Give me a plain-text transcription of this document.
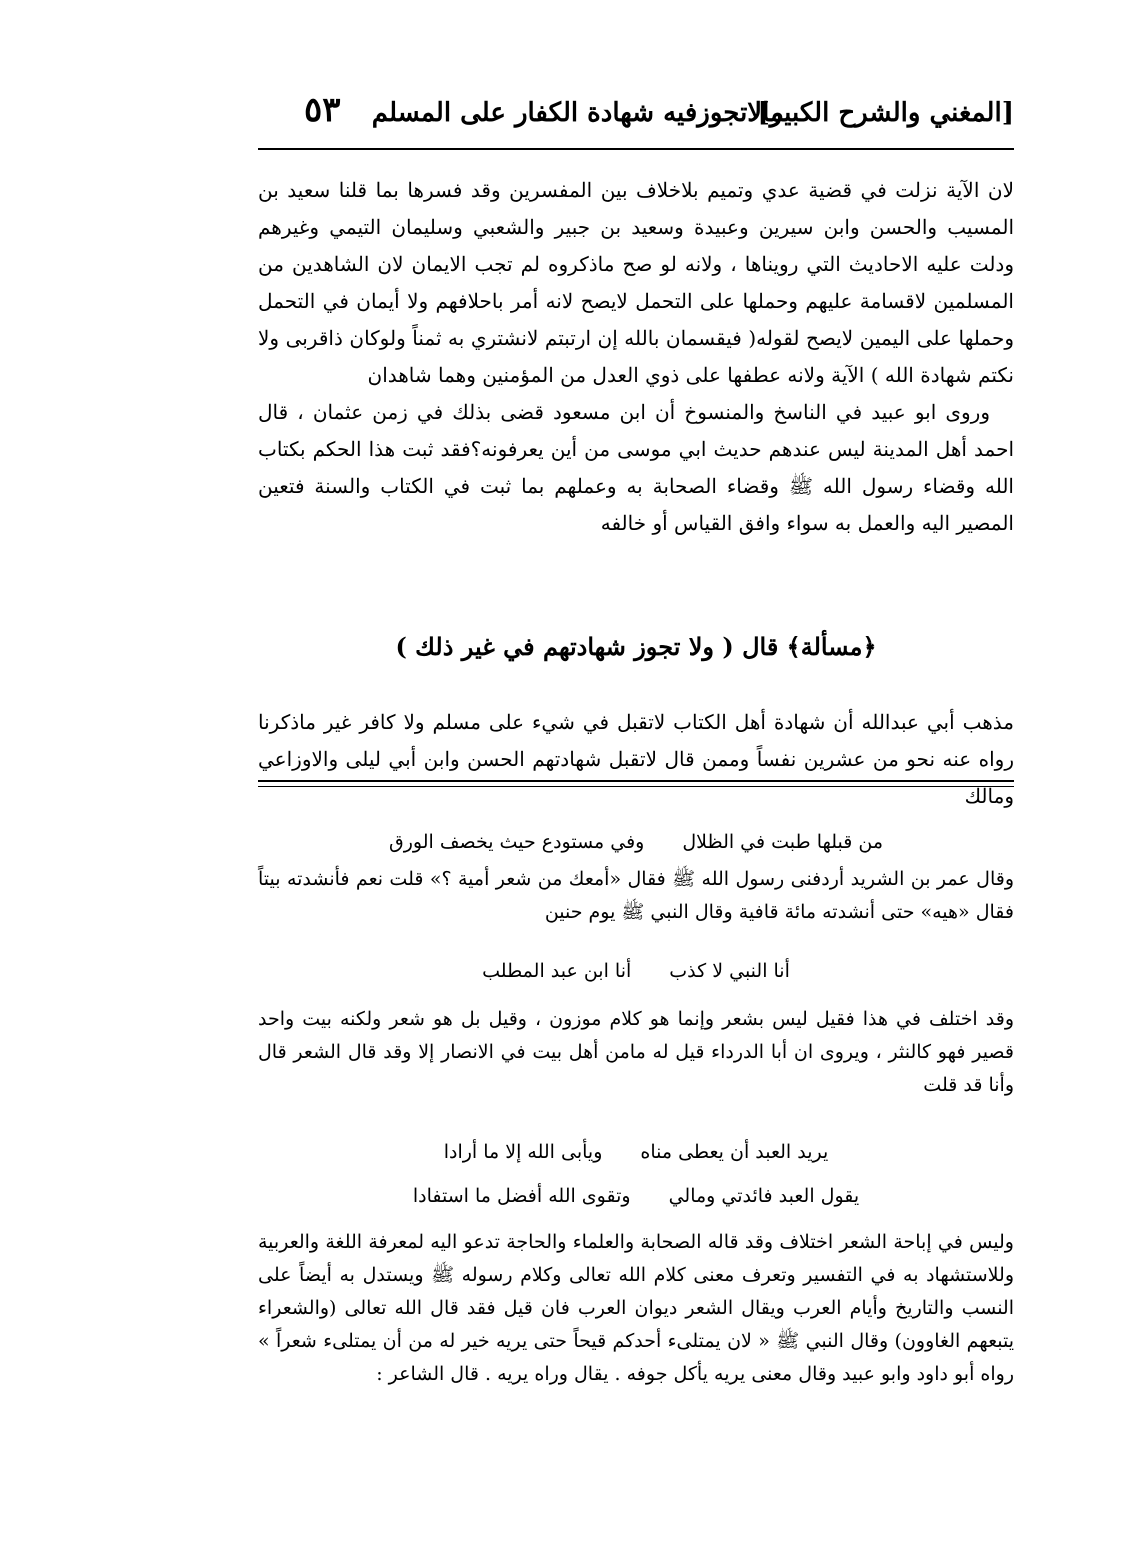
[المغني والشرح الكبير]
مالاتجوزفيه شهادة الكفار على المسلم
٥٣

لان الآية نزلت في قضية عدي وتميم بلاخلاف بين المفسرين وقد فسرها بما قلنا سعيد بن المسيب والحسن وابن سيرين وعبيدة وسعيد بن جبير والشعبي وسليمان التيمي وغيرهم ودلت عليه الاحاديث التي رويناها ، ولانه لو صح ماذكروه لم تجب الايمان لان الشاهدين من المسلمين لاقسامة عليهم وحملها على التحمل لايصح لانه أمر باحلافهم ولا أيمان في التحمل وحملها على اليمين لايصح لقوله( فيقسمان بالله إن ارتبتم لانشتري به ثمناً ولوكان ذاقربى ولا نكتم شهادة الله ) الآية ولانه عطفها على ذوي العدل من المؤمنين وهما شاهدان

وروى ابو عبيد في الناسخ والمنسوخ أن ابن مسعود قضى بذلك في زمن عثمان ، قال احمد أهل المدينة ليس عندهم حديث ابي موسى من أين يعرفونه؟فقد ثبت هذا الحكم بكتاب الله وقضاء رسول الله ﷺ وقضاء الصحابة به وعملهم بما ثبت في الكتاب والسنة فتعين المصير اليه والعمل به سواء وافق القياس أو خالفه

﴿مسألة﴾ قال ( ولا تجوز شهادتهم في غير ذلك )

مذهب أبي عبدالله أن شهادة أهل الكتاب لاتقبل في شيء على مسلم ولا كافر غير ماذكرنا رواه عنه نحو من عشرين نفساً وممن قال لاتقبل شهادتهم الحسن وابن أبي ليلى والاوزاعي ومالك

من قبلها طبت في الظلال
وفي مستودع حيث يخصف الورق

وقال عمر بن الشريد أردفنى رسول الله ﷺ فقال «أمعك من شعر أمية ؟» قلت نعم فأنشدته بيتاً فقال «هيه» حتى أنشدته مائة قافية وقال النبي ﷺ يوم حنين

أنا النبي لا كذب
أنا ابن عبد المطلب

وقد اختلف في هذا فقيل ليس بشعر وإنما هو كلام موزون ، وقيل بل هو شعر ولكنه بيت واحد قصير فهو كالنثر ، ويروى ان أبا الدرداء قيل له مامن أهل بيت في الانصار إلا وقد قال الشعر قال وأنا قد قلت

يريد العبد أن يعطى مناه
ويأبى الله إلا ما أرادا
يقول العبد فائدتي ومالي
وتقوى الله أفضل ما استفادا

وليس في إباحة الشعر اختلاف وقد قاله الصحابة والعلماء والحاجة تدعو اليه لمعرفة اللغة والعربية وللاستشهاد به في التفسير وتعرف معنى كلام الله تعالى وكلام رسوله ﷺ ويستدل به أيضاً على النسب والتاريخ وأيام العرب ويقال الشعر ديوان العرب فان قيل فقد قال الله تعالى (والشعراء يتبعهم الغاوون) وقال النبي ﷺ « لان يمتلىء أحدكم قيحاً حتى يريه خير له من أن يمتلىء شعراً » رواه أبو داود وابو عبيد وقال معنى يريه يأكل جوفه . يقال وراه يريه . قال الشاعر :
